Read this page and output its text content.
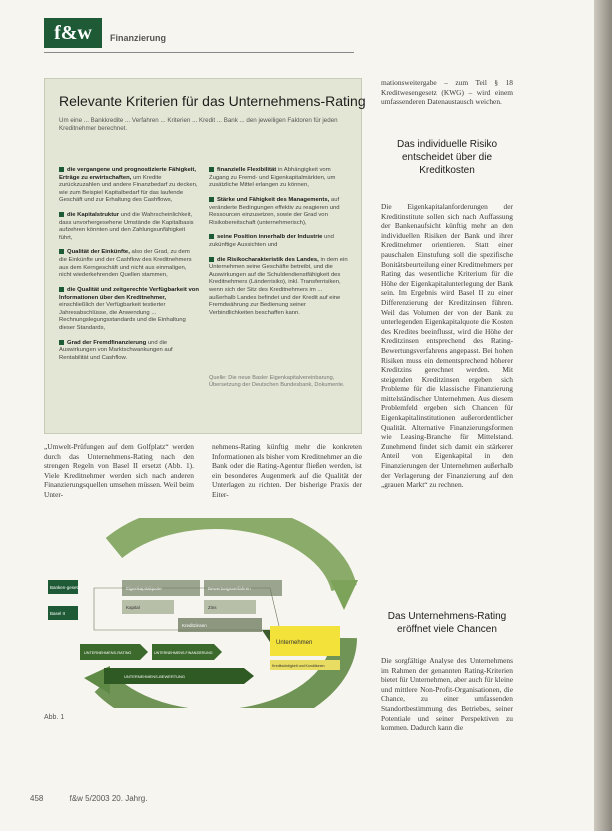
f&w	Finanzierung
Relevante Kriterien für das Unternehmens-Rating
Um eine ... Bankkredite ... Verfahren ... Kriterien ... Kredit ... Bank ... den jeweiligen Faktoren für jeden Kreditnehmer berechnet.
die vergangene und prognostizierte Fähigkeit, Erträge zu erwirtschaften, um Kredite zurückzuzahlen und andere Finanzbedarf zu decken, wie zum Beispiel Kapitalbedarf für das laufende Geschäft und zur Erhaltung des Cashflows,
die Kapitalstruktur und die Wahrscheinlichkeit, dass unvorhergesehene Umstände die Kapitalbasis aufzehren könnten und den Zahlungsunfähigkeit führt,
Qualität der Einkünfte, also der Grad, zu dem die Einkünfte und der Cashflow des Kreditnehmers aus dem Kerngeschäft und nicht aus einmaligen, nicht wiederkehrenden Quellen stammen,
die Qualität und zeitgerechte Verfügbarkeit von Informationen über den Kreditnehmer, einschließlich der Verfügbarkeit testierter Jahresabschlüsse, die Anwendung ... Rechnungslegungsstandards und die Einhaltung dieser Standards,
Grad der Fremdfinanzierung und die Auswirkungen von Marktschwankungen auf Rentabilität und Cashflow.
finanzielle Flexibilität in Abhängigkeit vom Zugang zu Fremd- und Eigenkapitalmärkten, um zusätzliche Mittel erlangen zu können,
Stärke und Fähigkeit des Managements, auf veränderte Bedingungen effektiv zu reagieren und Ressourcen einzusetzen, sowie der Grad von Risikobereitschaft (unternehmerisch),
seine Position innerhalb der Industrie und zukünftige Aussichten und
die Risikocharakteristik des Landes, in dem ein Unternehmen seine Geschäfte betreibt, und die Auswirkungen auf die Schuldendienstfähigkeit des Kreditnehmers (Länderrisiko), inkl. Transferrisiken, wenn sich der Sitz des Kreditnehmers im ... außerhalb Landes befindet und der Kredit auf eine Fremdwährung zur Bedienung seiner Verbindlichkeiten beschaffen kann.
Quelle: Die neue Basler Eigenkapitalvereinbarung, Übersetzung der Deutschen Bundesbank, Dokumente.
„Umwelt-Prüfungen auf dem Golfplatz“ werden durch das Unternehmens-Rating nach den strengen Regeln von Basel II ersetzt (Abb. 1). Viele Kreditnehmer werden sich nach anderen Finanzierungsquellen umsehen müssen. Weil beim Unter-
nehmens-Rating künftig mehr die konkreten Informationen als bisher vom Kreditnehmer an die Bank oder die Rating-Agentur fließen werden, ist ein besonderes Augenmerk auf die Qualität der Unterlagen zu richten. Der bisherige Praxis der Eiter-
mationsweitergabe – zum Teil § 18 Kreditwesengesetz (KWG) – wird einem umfassenderen Datenaustausch weichen.
Das individuelle Risiko entscheidet über die Kreditkosten
Die Eigenkapitalanforderungen der Kreditinstitute sollen sich nach Auffassung der Bankenaufsicht künftig mehr an den individuellen Risiken der Bank und ihrer Kreditnehmer orientieren. Statt einer pauschalen Einstufung soll die spezifische Bonitätsbeurteilung einer Kreditnehmers per Rating das wesentliche Kriterium für die Höhe der Eigenkapitalunterlegung der Bank sein. Im Ergebnis wird Basel II zu einer Differenzierung der Kreditzinsen führen. Weil das Volumen der von der Bank zu unterlegenden Eigenkapitalquote die Kosten des Kredites beeinflusst, wird die Höhe der Kreditzinsen entsprechend des Rating-Bewertungsverfahrens angepasst. Bei hohen Risiken muss ein dementsprechend höherer Kreditzins gerechnet werden. Mit steigenden Kreditzinsen ergeben sich Probleme für die klassische Finanzierung mittelständischer Unternehmen. Aus diesem Problemfeld ergeben sich Chancen für Eigenkapitalinstitutionen außerordentlicher Qualität. Alternative Finanzierungsformen wie Leasing-Branche für Mittelstand. Zunehmend findet sich damit ein stärkerer Anteil von Eigenkapital in den Finanzierungen der Unternehmen außerhalb der Verlagerung der Finanzierung auf den „grauen Markt“ zu rechnen.
Das Unternehmens-Rating eröffnet viele Chancen
Die sorgfältige Analyse des Unternehmens im Rahmen der genannten Rating-Kriterien bietet für Unternehmen, aber auch für kleine und mittlere Non-Profit-Organisationen, die Chance, zu einer umfassenden Standortbestimmung des Betriebes, seiner Potentiale und seiner Perspektiven zu kommen. Dadurch kann die
Banken-gesetz
Basel II
Eigenkapitalquote	Bewertungsverfahren
Kapital	Zins
Kreditzinsen
Unternehmen
Kreditwürdigkeit und Konditionen
UNTERNEHMENS-RATING	UNTERNEHMENS-FINANZIERUNG
UNTERNEHMENS-BEWERTUNG
Abb. 1
458	f&w 5/2003 20. Jahrg.
